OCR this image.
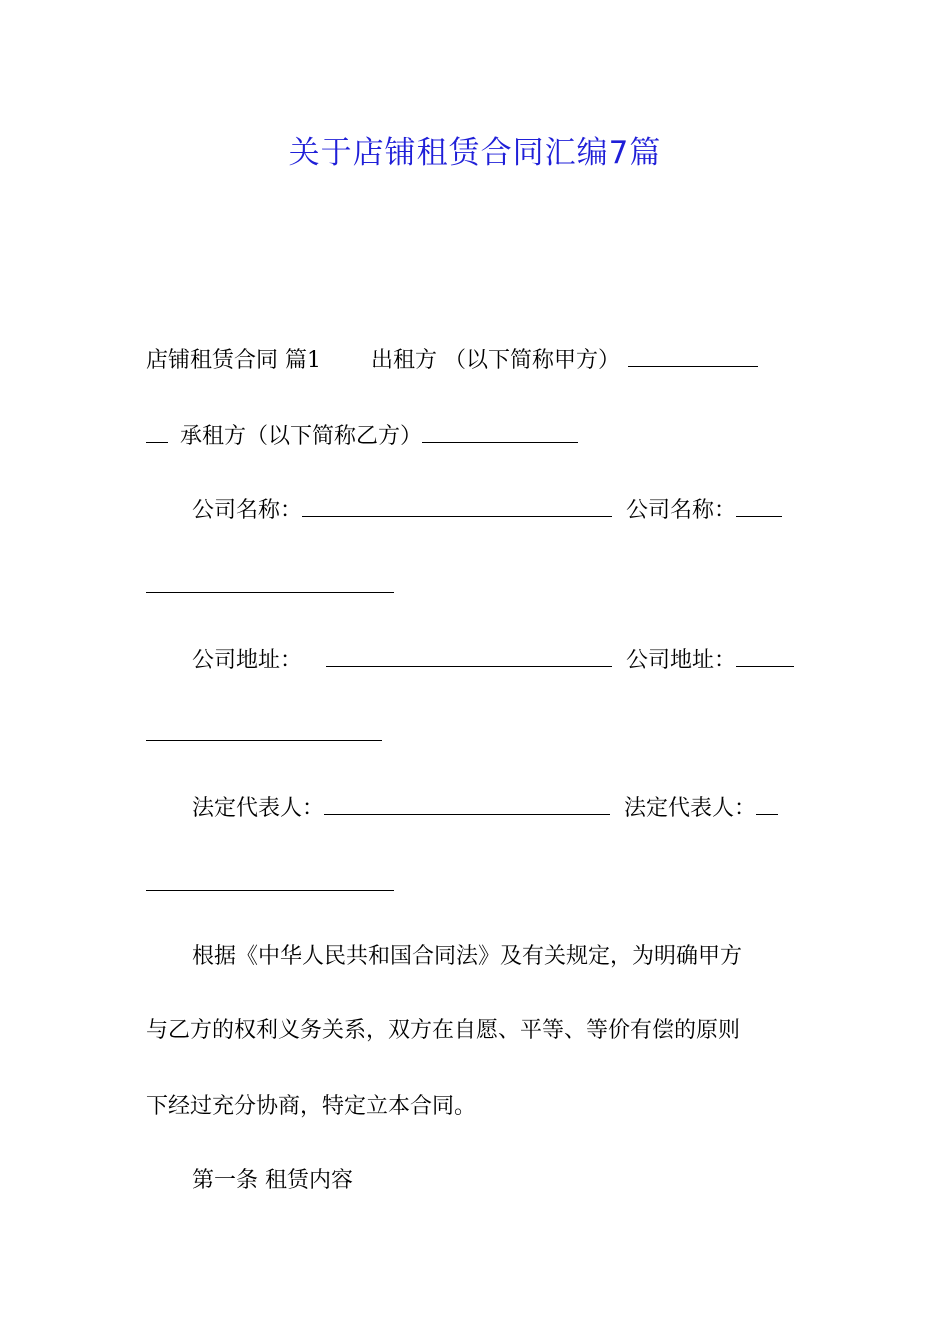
关于店铺租赁合同汇编7篇
店铺租赁合同 篇1 出租方 （以下简称甲方）
承租方（以下简称乙方）
公司名称：	公司名称：
公司地址：	公司地址：
法定代表人：	法定代表人：
根据《中华人民共和国合同法》及有关规定，为明确甲方
与乙方的权利义务关系，双方在自愿、平等、等价有偿的原则
下经过充分协商，特定立本合同。
第一条 租赁内容
